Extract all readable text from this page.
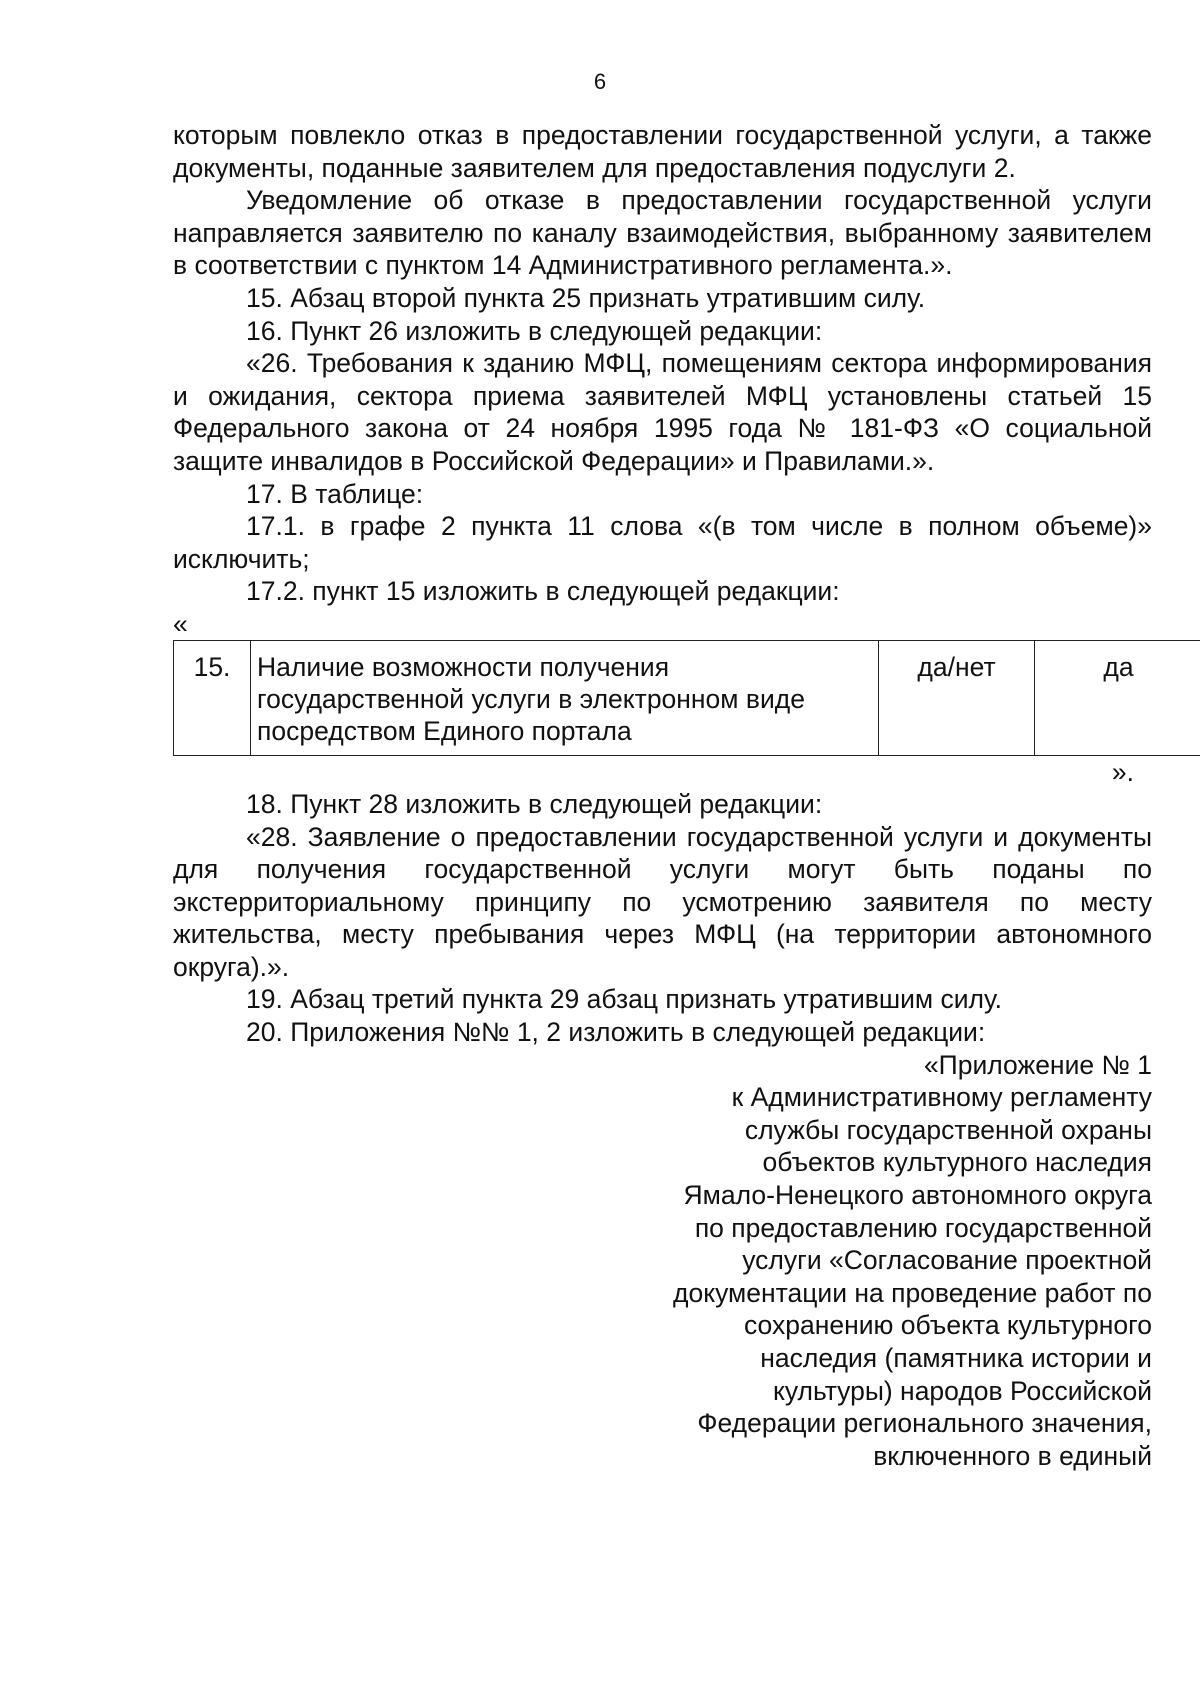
6

которым повлекло отказ в предоставлении государственной услуги, а также документы, поданные заявителем для предоставления подуслуги 2.

Уведомление об отказе в предоставлении государственной услуги направляется заявителю по каналу взаимодействия, выбранному заявителем в соответствии с пунктом 14 Административного регламента.».

15. Абзац второй пункта 25 признать утратившим силу.

16. Пункт 26 изложить в следующей редакции:

«26. Требования к зданию МФЦ, помещениям сектора информирования и ожидания, сектора приема заявителей МФЦ установлены статьей 15 Федерального закона от 24 ноября 1995 года № 181-ФЗ «О социальной защите инвалидов в Российской Федерации» и Правилами.».

17. В таблице:

17.1. в графе 2 пункта 11 слова «(в том числе в полном объеме)» исключить;

17.2. пункт 15 изложить в следующей редакции:

«

15.	Наличие возможности получения государственной услуги в электронном виде посредством Единого портала	да/нет	да

».

18. Пункт 28 изложить в следующей редакции:

«28. Заявление о предоставлении государственной услуги и документы для получения государственной услуги могут быть поданы по экстерриториальному принципу по усмотрению заявителя по месту жительства, месту пребывания через МФЦ (на территории автономного округа).».

19. Абзац третий пункта 29 абзац признать утратившим силу.

20. Приложения №№ 1, 2 изложить в следующей редакции:

«Приложение № 1
к Административному регламенту
службы государственной охраны
объектов культурного наследия
Ямало-Ненецкого автономного округа
по предоставлению государственной
услуги «Согласование проектной
документации на проведение работ по
сохранению объекта культурного
наследия (памятника истории и
культуры) народов Российской
Федерации регионального значения,
включенного в единый
